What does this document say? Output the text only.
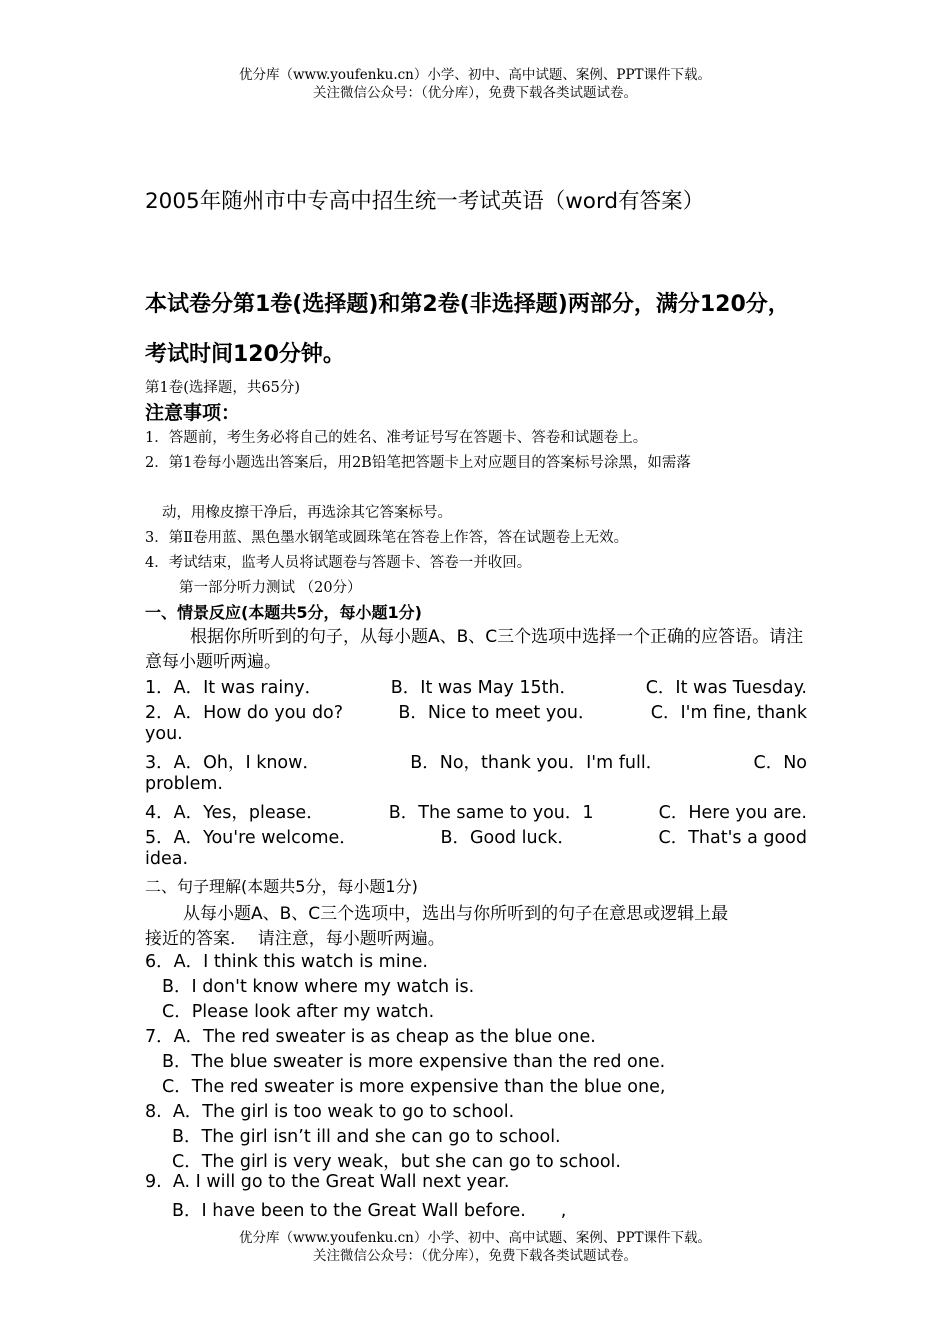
优分库（www.youfenku.cn）小学、初中、高中试题、案例、PPT课件下载。
关注微信公众号：（优分库），免费下载各类试题试卷。
2005年随州市中专高中招生统一考试英语（word有答案）
本试卷分第1卷(选择题)和第2卷(非选择题)两部分，满分120分，考试时间120分钟。
第1卷(选择题，共65分)
注意事项：
1．答题前，考生务必将自己的姓名、准考证号写在答题卡、答卷和试题卷上。
2．第1卷每小题选出答案后，用2B铅笔把答题卡上对应题目的答案标号涂黑，如需落
动，用橡皮擦干净后，再选涂其它答案标号。
3．第Ⅱ卷用蓝、黑色墨水钢笔或圆珠笔在答卷上作答，答在试题卷上无效。
4．考试结束，监考人员将试题卷与答题卡、答卷一并收回。
第一部分听力测试 （20分）
一、情景反应(本题共5分，每小题1分)
根据你所听到的句子，从每小题A、B、C三个选项中选择一个正确的应答语。请注意每小题听两遍。
1．A．It was rainy．	B．It was May 15th．	C．It was Tuesday.
2．A．How do you do?	B．Nice to meet you．	C．I'm fine, thank
you.
3．A．Oh，I know．	B．No，thank you．I'm full．	C．No
problem.
4．A．Yes，please．	B．The same to you．1	C．Here you are.
5．A．You're welcome．	B．Good luck．	C．That's a good
idea.
二、句子理解(本题共5分，每小题1分)
从每小题A、B、C三个选项中，选出与你所听到的句子在意思或逻辑上最
接近的答案.　 请注意，每小题听两遍。
6．A．I think this watch is mine.
B．I don't know where my watch is.
C．Please look after my watch.
7．A．The red sweater is as cheap as the blue one.
B．The blue sweater is more expensive than the red one.
C．The red sweater is more expensive than the blue one,
8.  A．The girl is too weak to go to school.
B．The girl isn’t ill and she can go to school.
C．The girl is very weak，but she can go to school.
9.  A. I will go to the Great Wall next year.
B．I have been to the Great Wall before.　　,
优分库（www.youfenku.cn）小学、初中、高中试题、案例、PPT课件下载。
关注微信公众号：（优分库），免费下载各类试题试卷。
